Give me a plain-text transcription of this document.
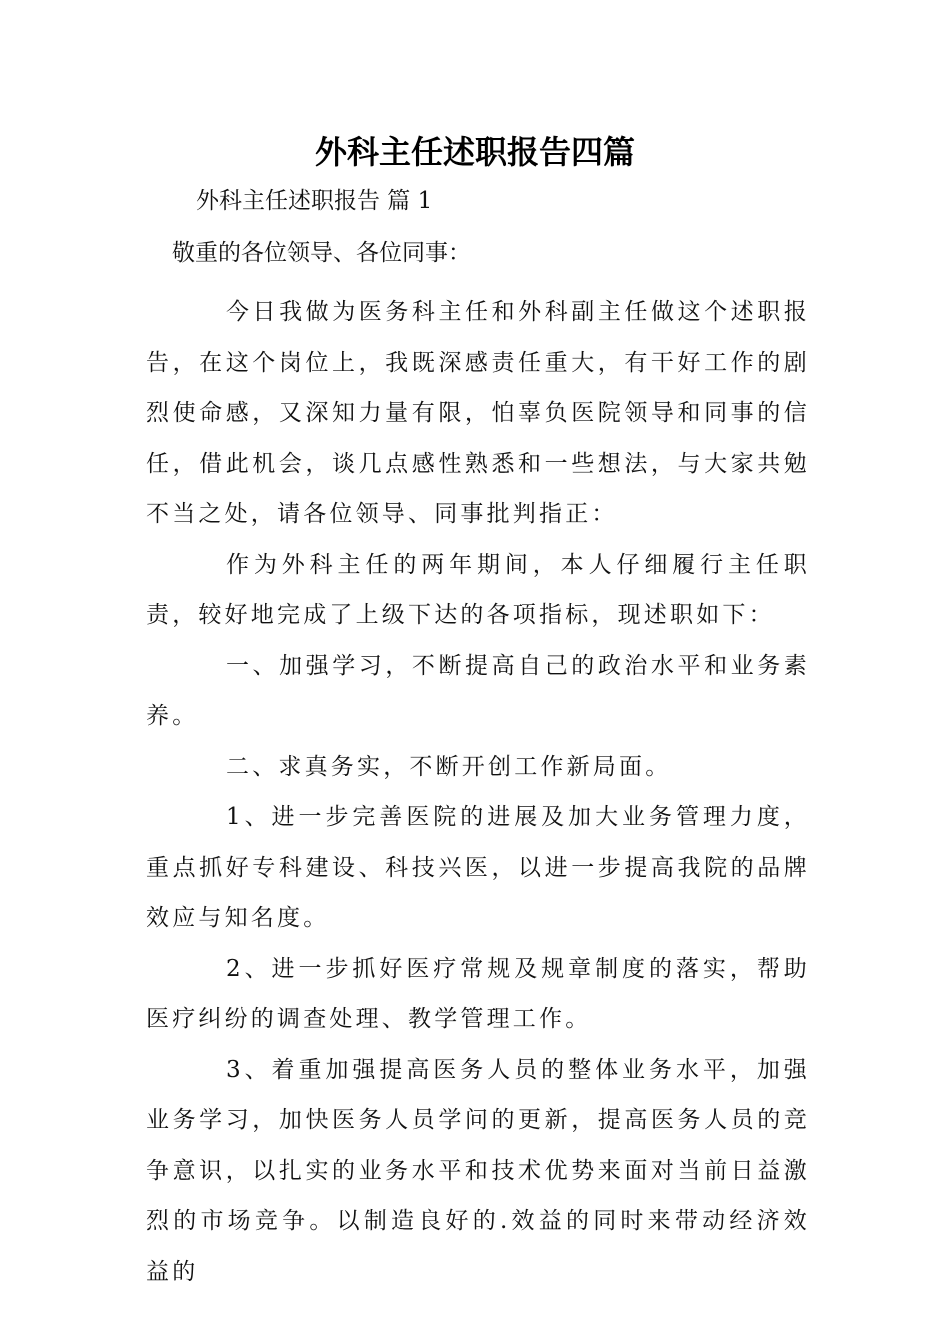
外科主任述职报告四篇
外科主任述职报告 篇 1
敬重的各位领导、各位同事：

今日我做为医务科主任和外科副主任做这个述职报告，在这个岗位上，我既深感责任重大，有干好工作的剧烈使命感，又深知力量有限，怕辜负医院领导和同事的信任，借此机会，谈几点感性熟悉和一些想法，与大家共勉不当之处，请各位领导、同事批判指正：

作为外科主任的两年期间，本人仔细履行主任职责，较好地完成了上级下达的各项指标，现述职如下：

一、加强学习，不断提高自己的政治水平和业务素养。

二、求真务实，不断开创工作新局面。

1、进一步完善医院的进展及加大业务管理力度，重点抓好专科建设、科技兴医，以进一步提高我院的品牌效应与知名度。

2、进一步抓好医疗常规及规章制度的落实，帮助医疗纠纷的调查处理、教学管理工作。

3、着重加强提高医务人员的整体业务水平，加强业务学习，加快医务人员学问的更新，提高医务人员的竞争意识，以扎实的业务水平和技术优势来面对当前日益激烈的市场竞争。以制造良好的.效益的同时来带动经济效益的
